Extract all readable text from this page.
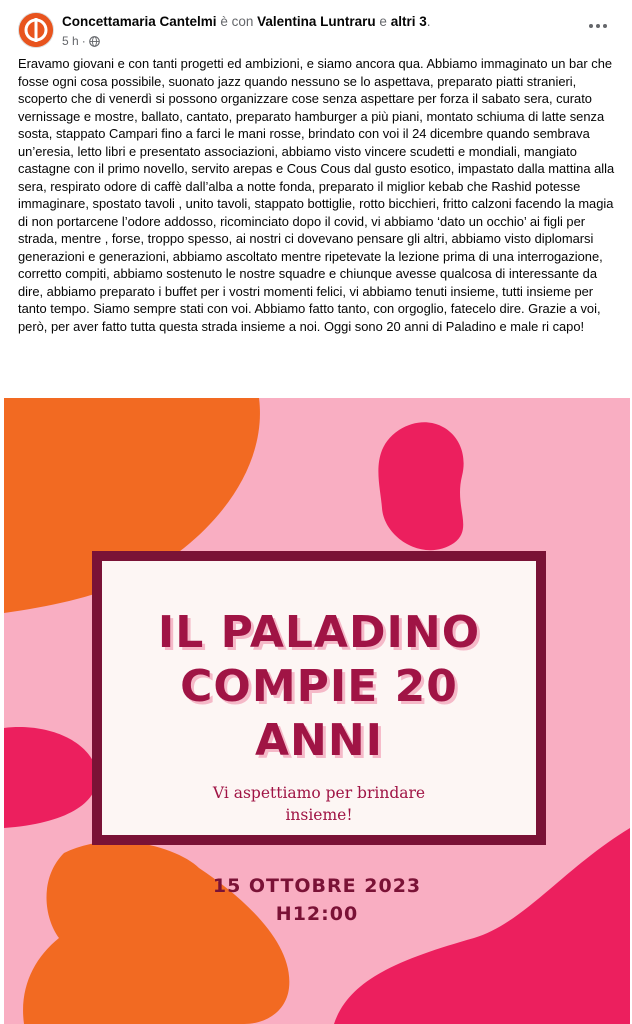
Concettamaria Cantelmi è con Valentina Luntraru e altri 3.
5 h ·
Eravamo giovani e con tanti progetti ed ambizioni, e siamo ancora qua. Abbiamo immaginato un bar che fosse ogni cosa possibile, suonato jazz quando nessuno se lo aspettava, preparato piatti stranieri, scoperto che di venerdì si possono organizzare cose senza aspettare per forza il sabato sera, curato vernissage e mostre, ballato, cantato, preparato hamburger a più piani, montato schiuma di latte senza sosta, stappato Campari fino a farci le mani rosse, brindato con voi il 24 dicembre quando sembrava un’eresia, letto libri e presentato associazioni, abbiamo visto vincere scudetti e mondiali, mangiato castagne con il primo novello, servito arepas e Cous Cous dal gusto esotico, impastato dalla mattina alla sera, respirato odore di caffè dall’alba a notte fonda, preparato il miglior kebab che Rashid potesse immaginare, spostato tavoli , unito tavoli, stappato bottiglie, rotto bicchieri, fritto calzoni facendo la magia di non portarcene l’odore addosso, ricominciato dopo il covid, vi abbiamo ‘dato un occhio’ ai figli per strada, mentre , forse, troppo spesso, ai nostri ci dovevano pensare gli altri, abbiamo visto diplomarsi generazioni e generazioni, abbiamo ascoltato mentre ripetevate la lezione prima di una interrogazione, corretto compiti, abbiamo sostenuto le nostre squadre e chiunque avesse qualcosa di interessante da dire, abbiamo preparato i buffet per i vostri momenti felici, vi abbiamo tenuti insieme, tutti insieme per tanto tempo. Siamo sempre stati con voi. Abbiamo fatto tanto, con orgoglio, fatecelo dire. Grazie a voi, però, per aver fatto tutta questa strada insieme a noi. Oggi sono 20 anni di Paladino e male ri capo!
IL PALADINO
COMPIE 20
ANNI
Vi aspettiamo per brindare insieme!
15 OTTOBRE 2023
H12:00
